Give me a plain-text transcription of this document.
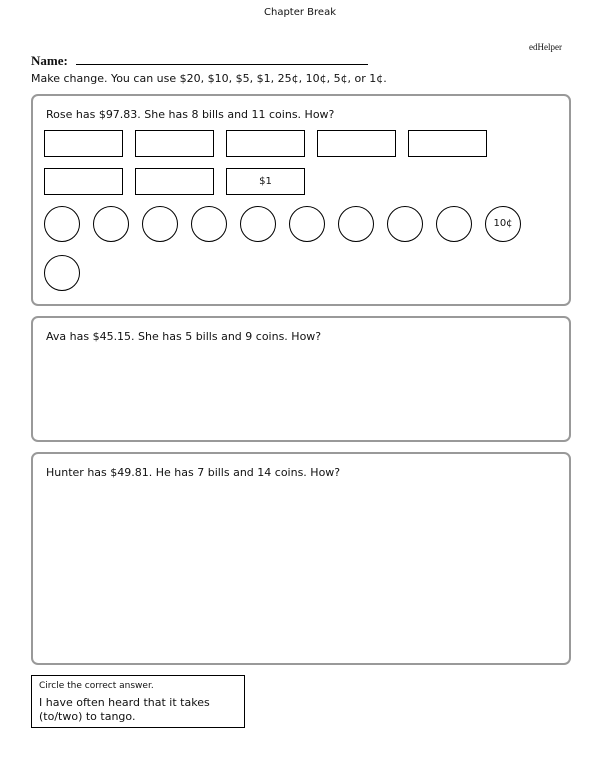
Chapter Break
edHelper
Name:
Make change. You can use $20, $10, $5, $1, 25¢, 10¢, 5¢, or 1¢.
Rose has $97.83. She has 8 bills and 11 coins. How?
$1
10¢
Ava has $45.15. She has 5 bills and 9 coins. How?
Hunter has $49.81. He has 7 bills and 14 coins. How?
Circle the correct answer.
I have often heard that it takes (to/two) to tango.
